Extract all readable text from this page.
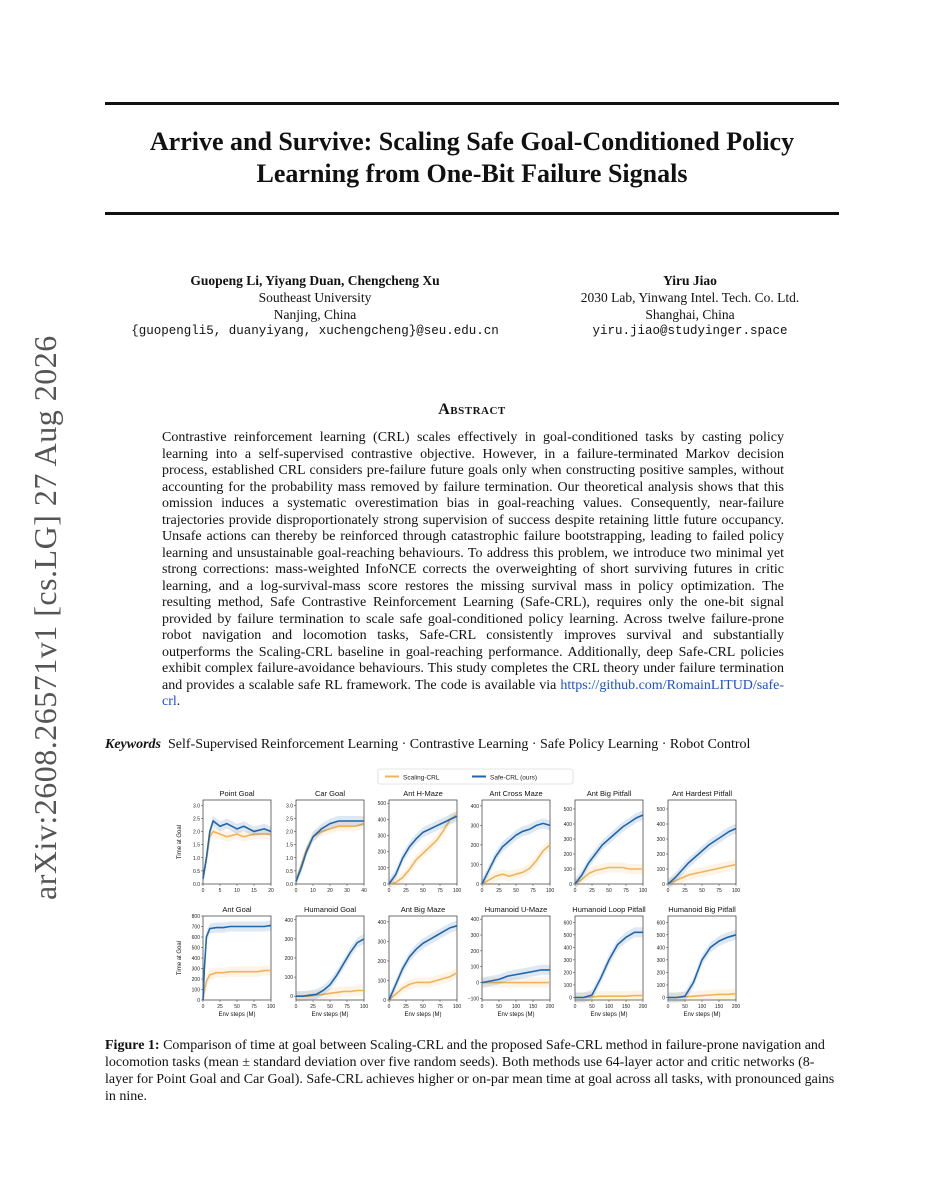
Arrive and Survive: Scaling Safe Goal-Conditioned Policy
Learning from One-Bit Failure Signals
Guopeng Li, Yiyang Duan, Chengcheng Xu
Southeast University
Nanjing, China
{guopengli5, duanyiyang, xuchengcheng}@seu.edu.cn
Yiru Jiao
2030 Lab, Yinwang Intel. Tech. Co. Ltd.
Shanghai, China
yiru.jiao@studyinger.space
arXiv:2608.26571v1 [cs.LG] 27 Aug 2026	Abstract
Contrastive reinforcement learning (CRL) scales effectively in goal-conditioned tasks by casting policy learning into a self-supervised contrastive objective. However, in a failure-terminated Markov decision process, established CRL considers pre-failure future goals only when constructing positive samples, without accounting for the probability mass removed by failure termination. Our theoretical analysis shows that this omission induces a systematic overestimation bias in goal-reaching values. Consequently, near-failure trajectories provide disproportionately strong supervision of success despite retaining little future occupancy. Unsafe actions can thereby be reinforced through catastrophic failure bootstrapping, leading to failed policy learning and unsustainable goal-reaching behaviours. To address this problem, we introduce two minimal yet strong corrections: mass-weighted InfoNCE corrects the overweighting of short surviving futures in critic learning, and a log-survival-mass score restores the missing survival mass in policy optimization. The resulting method, Safe Contrastive Reinforcement Learning (Safe-CRL), requires only the one-bit signal provided by failure termination to scale safe goal-conditioned policy learning. Across twelve failure-prone robot navigation and locomotion tasks, Safe-CRL consistently improves survival and substantially outperforms the Scaling-CRL baseline in goal-reaching performance. Additionally, deep Safe-CRL policies exhibit complex failure-avoidance behaviours. This study completes the CRL theory under failure termination and provides a scalable safe RL framework. The code is available via https://github.com/RomainLITUD/safe-crl.
Keywords Self-Supervised Reinforcement Learning · Contrastive Learning · Safe Policy Learning · Robot Control
Scaling-CRL	Safe-CRL (ours)
Point Goal
0.0
0.5
1.0
1.5
2.0
2.5
3.0
0	5	10 15 20
Time at Goal
Car Goal
0.0
0.5
1.0
1.5
2.0
2.5
3.0
0	10 20 30 40
Ant H-Maze
0
100
200
300
400
500
0	25 50 75 100
Ant Cross Maze
0
100
200
300
400
0	25 50 75 100
Ant Big Pitfall
0
100
200
300
400
500
0	25 50 75 100
Ant Hardest Pitfall
0
100
200
300
400
500
0	25 50 75 100
Ant Goal
0
100
200
300
400
500
600
700
800
0	25 50 75 100
Time at Goal
Env steps (M)
Humanoid Goal
0
100
200
300
400
0	25 50 75 100
Env steps (M)
Ant Big Maze
0
100
200
300
400
0	25 50 75 100
Env steps (M)
Humanoid U-Maze
−100
0
100
200
300
400
0	50 100 150 200
Env steps (M)
Humanoid Loop Pitfall
0
100
200
300
400
500
600
0	50 100 150 200
Env steps (M)
Humanoid Big Pitfall
0
100
200
300
400
500
600
0	50 100 150 200
Env steps (M)
Figure 1: Comparison of time at goal between Scaling-CRL and the proposed Safe-CRL method in failure-prone navigation and locomotion tasks (mean ± standard deviation over five random seeds). Both methods use 64-layer actor and critic networks (8-layer for Point Goal and Car Goal). Safe-CRL achieves higher or on-par mean time at goal across all tasks, with pronounced gains in nine.
